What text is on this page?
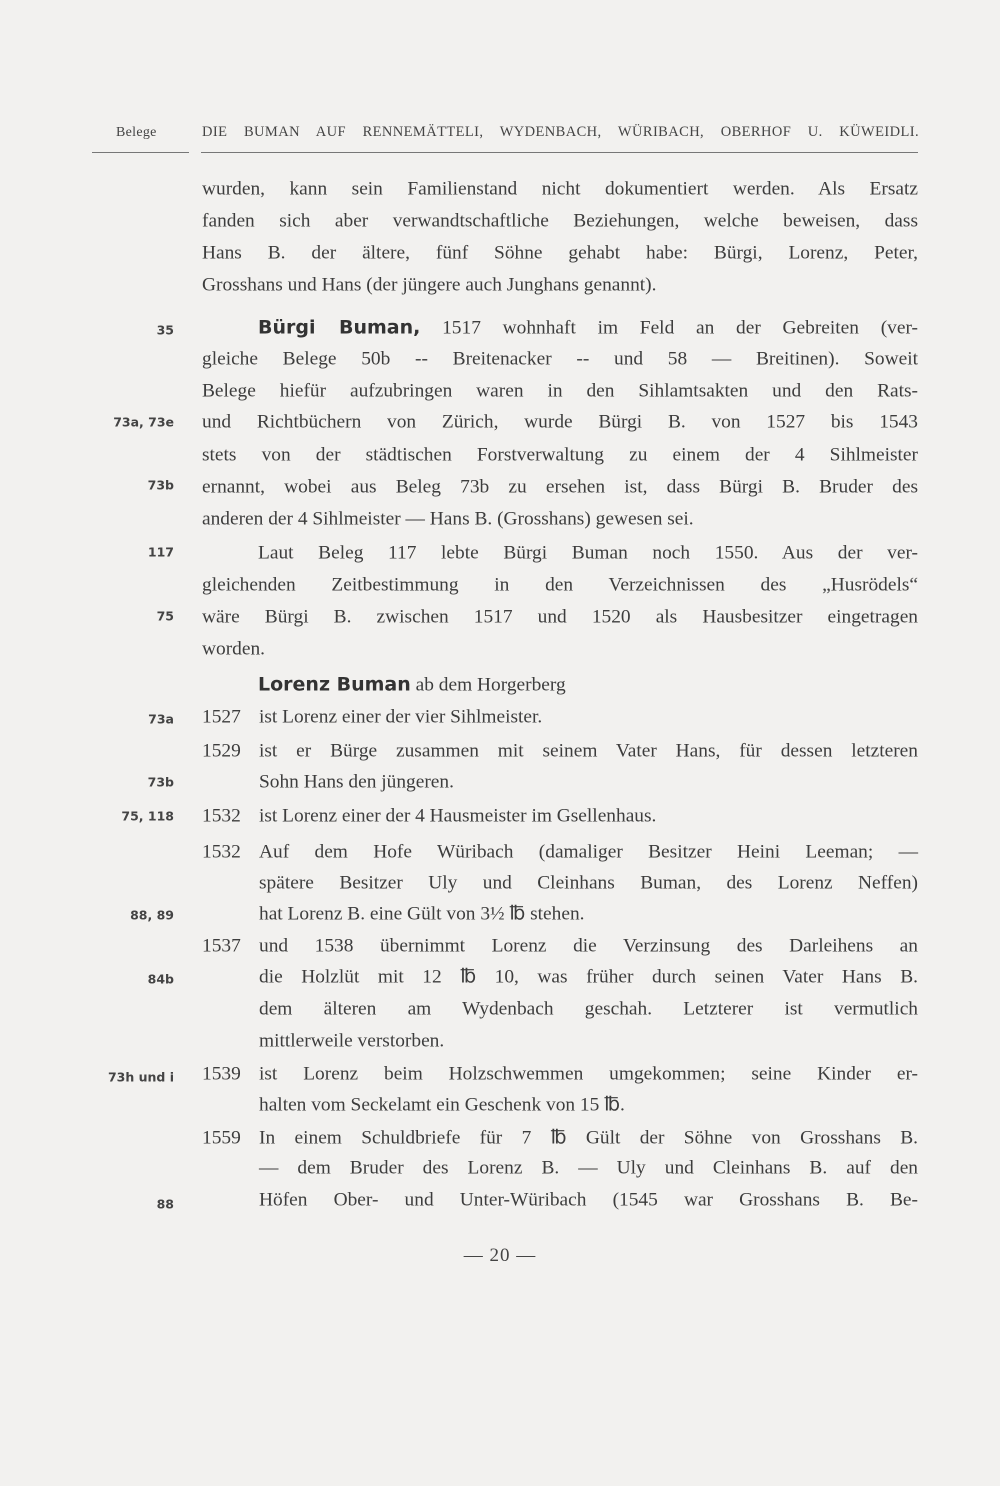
Belege	DIE BUMAN AUF RENNEMÄTTELI, WYDENBACH, WÜRIBACH, OBERHOF U. KÜWEIDLI.
35
73a, 73e
73b
117
75
73a
73b
75, 118
88, 89
84b
73h und i
88
wurden, kann sein Familienstand nicht dokumentiert werden. Als Ersatz
fanden sich aber verwandtschaftliche Beziehungen, welche beweisen, dass
Hans B. der ältere, fünf Söhne gehabt habe: Bürgi, Lorenz, Peter,
Grosshans und Hans (der jüngere auch Junghans genannt).
Bürgi Buman, 1517 wohnhaft im Feld an der Gebreiten (ver-
gleiche Belege 50b -- Breitenacker -- und 58 — Breitinen). Soweit
Belege hiefür aufzubringen waren in den Sihlamtsakten und den Rats-
und Richtbüchern von Zürich, wurde Bürgi B. von 1527 bis 1543
stets von der städtischen Forstverwaltung zu einem der 4 Sihlmeister
ernannt, wobei aus Beleg 73b zu ersehen ist, dass Bürgi B. Bruder des
anderen der 4 Sihlmeister — Hans B. (Grosshans) gewesen sei.
Laut Beleg 117 lebte Bürgi Buman noch 1550. Aus der ver-
gleichenden Zeitbestimmung in den Verzeichnissen des „Husrödels“
wäre Bürgi B. zwischen 1517 und 1520 als Hausbesitzer eingetragen
worden.
Lorenz Buman ab dem Horgerberg
1527 ist Lorenz einer der vier Sihlmeister.
1529 ist er Bürge zusammen mit seinem Vater Hans, für dessen letzteren
Sohn Hans den jüngeren.
1532 ist Lorenz einer der 4 Hausmeister im Gsellenhaus.
1532 Auf dem Hofe Würibach (damaliger Besitzer Heini Leeman; —
spätere Besitzer Uly und Cleinhans Buman, des Lorenz Neffen)
hat Lorenz B. eine Gült von 3½ ℔ stehen.
1537 und 1538 übernimmt Lorenz die Verzinsung des Darleihens an
die Holzlüt mit 12 ℔ 10, was früher durch seinen Vater Hans B.
dem älteren am Wydenbach geschah. Letzterer ist vermutlich
mittlerweile verstorben.
1539 ist Lorenz beim Holzschwemmen umgekommen; seine Kinder er-
halten vom Seckelamt ein Geschenk von 15 ℔.
1559 In einem Schuldbriefe für 7 ℔ Gült der Söhne von Grosshans B.
— dem Bruder des Lorenz B. — Uly und Cleinhans B. auf den
Höfen Ober- und Unter-Würibach (1545 war Grosshans B. Be-
— 20 —
